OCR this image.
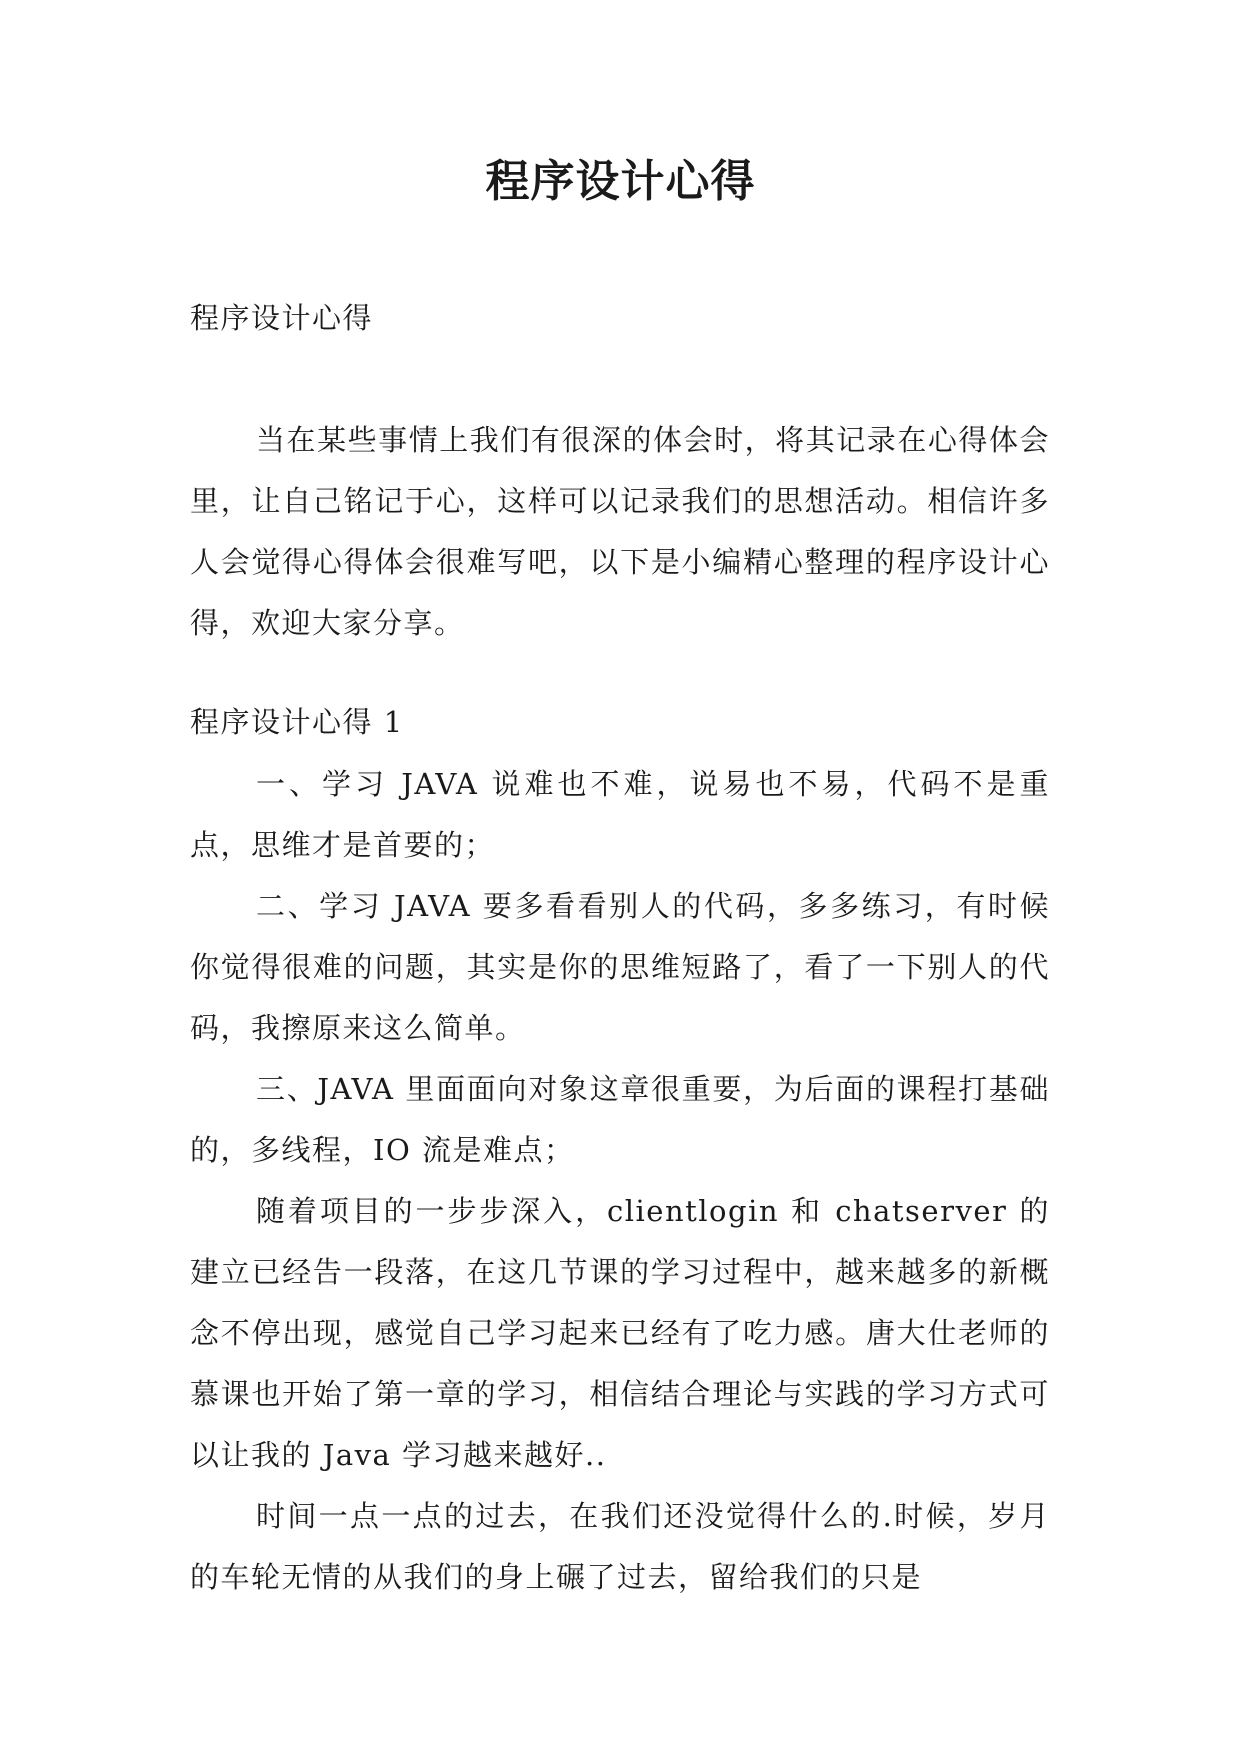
程序设计心得

程序设计心得

当在某些事情上我们有很深的体会时，将其记录在心得体会里，让自己铭记于心，这样可以记录我们的思想活动。相信许多人会觉得心得体会很难写吧，以下是小编精心整理的程序设计心得，欢迎大家分享。

程序设计心得 1

一、学习 JAVA 说难也不难，说易也不易，代码不是重点，思维才是首要的；

二、学习 JAVA 要多看看别人的代码，多多练习，有时候你觉得很难的问题，其实是你的思维短路了，看了一下别人的代码，我擦原来这么简单。

三、JAVA 里面面向对象这章很重要，为后面的课程打基础的，多线程，IO 流是难点；

随着项目的一步步深入，clientlogin 和 chatserver 的建立已经告一段落，在这几节课的学习过程中，越来越多的新概念不停出现，感觉自己学习起来已经有了吃力感。唐大仕老师的慕课也开始了第一章的学习，相信结合理论与实践的学习方式可以让我的 Java 学习越来越好..

时间一点一点的过去，在我们还没觉得什么的.时候，岁月的车轮无情的从我们的身上碾了过去，留给我们的只是
